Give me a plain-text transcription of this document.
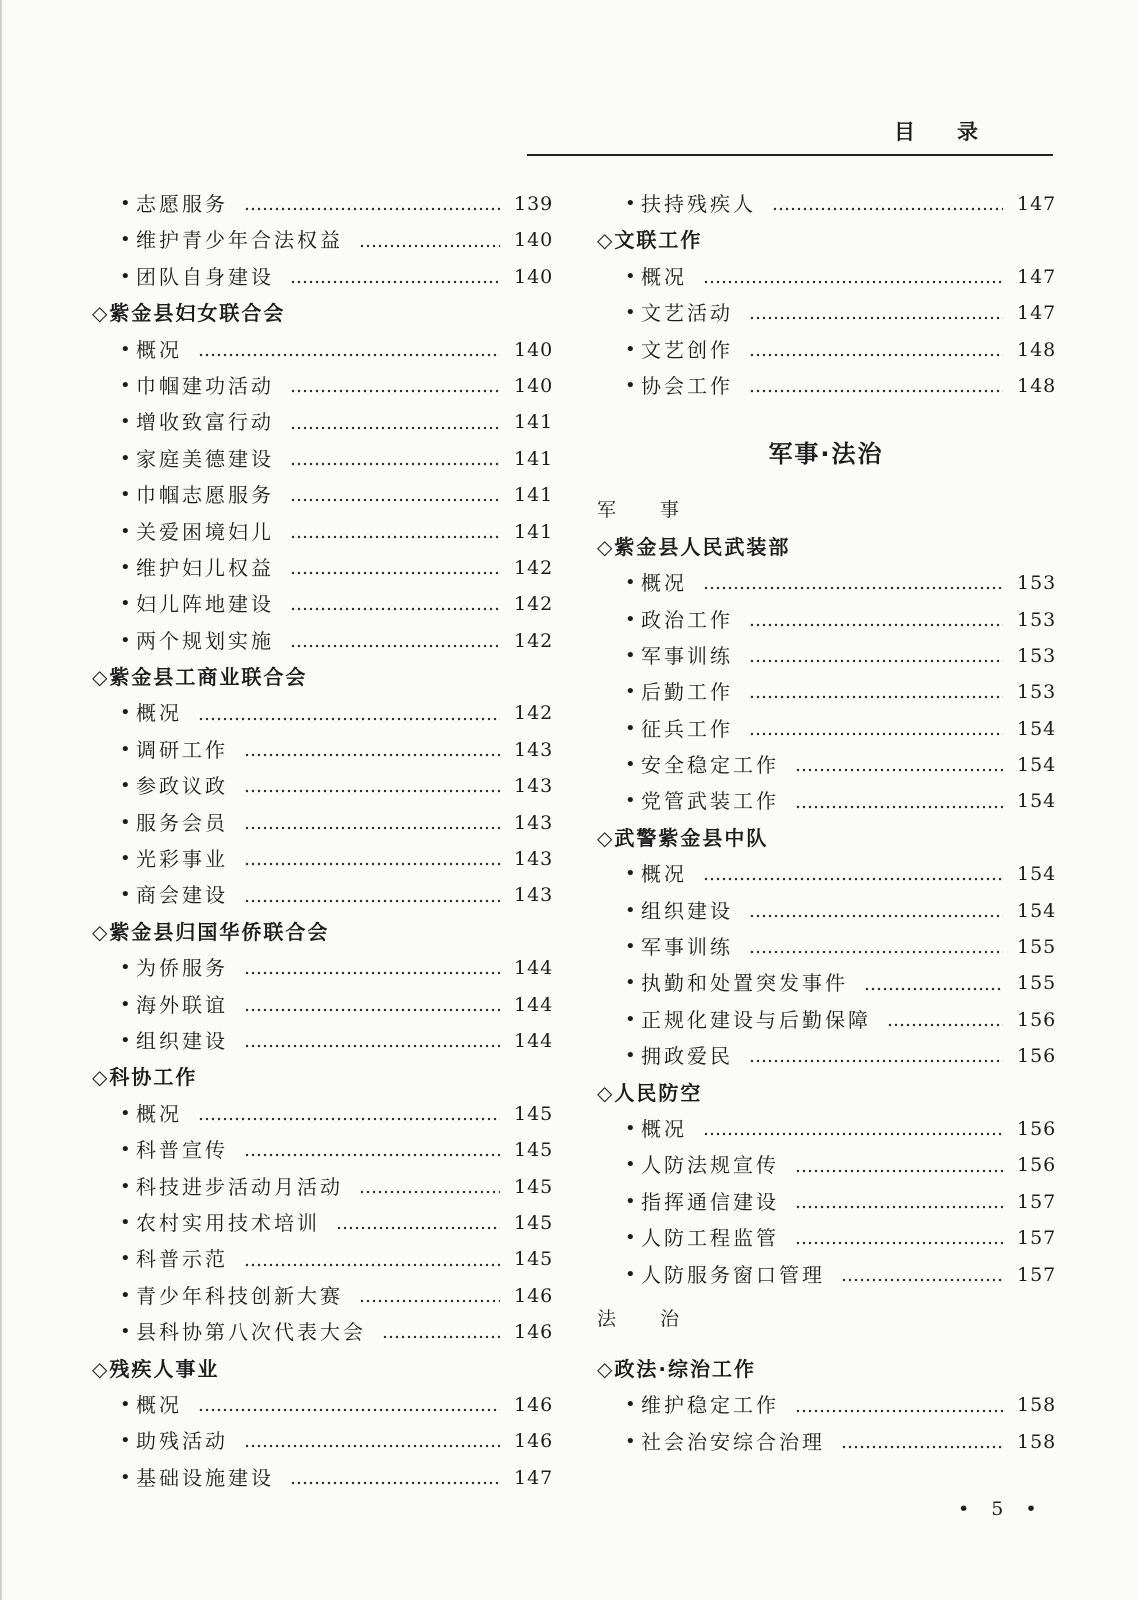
目录
• 志愿服务	139
• 维护青少年合法权益	140
• 团队自身建设	140
◇紫金县妇女联合会
• 概况	140
• 巾帼建功活动	140
• 增收致富行动	141
• 家庭美德建设	141
• 巾帼志愿服务	141
• 关爱困境妇儿	141
• 维护妇儿权益	142
• 妇儿阵地建设	142
• 两个规划实施	142
◇紫金县工商业联合会
• 概况	142
• 调研工作	143
• 参政议政	143
• 服务会员	143
• 光彩事业	143
• 商会建设	143
◇紫金县归国华侨联合会
• 为侨服务	144
• 海外联谊	144
• 组织建设	144
◇科协工作
• 概况	145
• 科普宣传	145
• 科技进步活动月活动	145
• 农村实用技术培训	145
• 科普示范	145
• 青少年科技创新大赛	146
• 县科协第八次代表大会	146
◇残疾人事业
• 概况	146
• 助残活动	146
• 基础设施建设	147
• 扶持残疾人	147
◇文联工作
• 概况	147
• 文艺活动	147
• 文艺创作	148
• 协会工作	148
军事·法治
军事
◇紫金县人民武装部
• 概况	153
• 政治工作	153
• 军事训练	153
• 后勤工作	153
• 征兵工作	154
• 安全稳定工作	154
• 党管武装工作	154
◇武警紫金县中队
• 概况	154
• 组织建设	154
• 军事训练	155
• 执勤和处置突发事件	155
• 正规化建设与后勤保障	156
• 拥政爱民	156
◇人民防空
• 概况	156
• 人防法规宣传	156
• 指挥通信建设	157
• 人防工程监管	157
• 人防服务窗口管理	157
法治
◇政法·综治工作
• 维护稳定工作	158
• 社会治安综合治理	158
• 5 •
